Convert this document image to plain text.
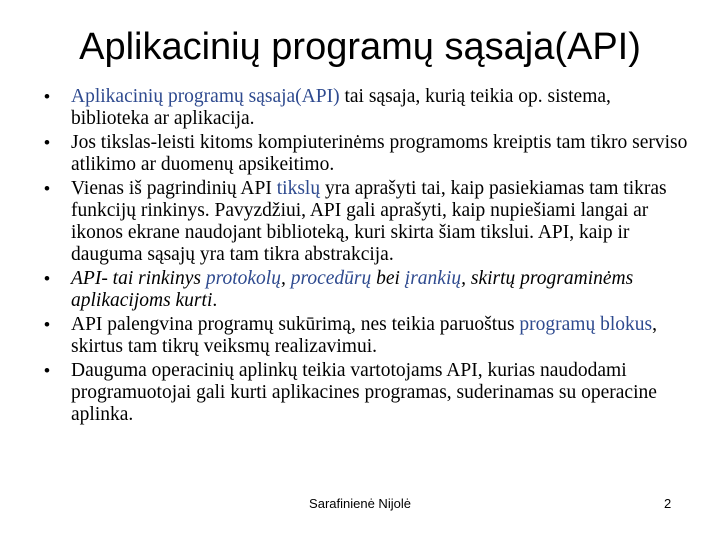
Aplikacinių programų sąsaja(API)
• Aplikacinių programų sąsaja(API) tai sąsaja, kurią teikia op. sistema, biblioteka ar aplikacija.
• Jos tikslas-leisti kitoms kompiuterinėms programoms kreiptis tam tikro serviso atlikimo ar duomenų apsikeitimo.
• Vienas iš pagrindinių API tikslų yra aprašyti tai, kaip pasiekiamas tam tikras funkcijų rinkinys. Pavyzdžiui, API gali aprašyti, kaip nupiešiami langai ar ikonos ekrane naudojant biblioteką, kuri skirta šiam tikslui. API, kaip ir dauguma sąsajų yra tam tikra abstrakcija.
• API- tai rinkinys protokolų, procedūrų bei įrankių, skirtų programinėms aplikacijoms kurti.
• API palengvina programų sukūrimą, nes teikia paruoštus programų blokus, skirtus tam tikrų veiksmų realizavimui.
• Dauguma operacinių aplinkų teikia vartotojams API, kurias naudodami programuotojai gali kurti aplikacines programas, suderinamas su operacine aplinka.
Sarafinienė Nijolė	2
